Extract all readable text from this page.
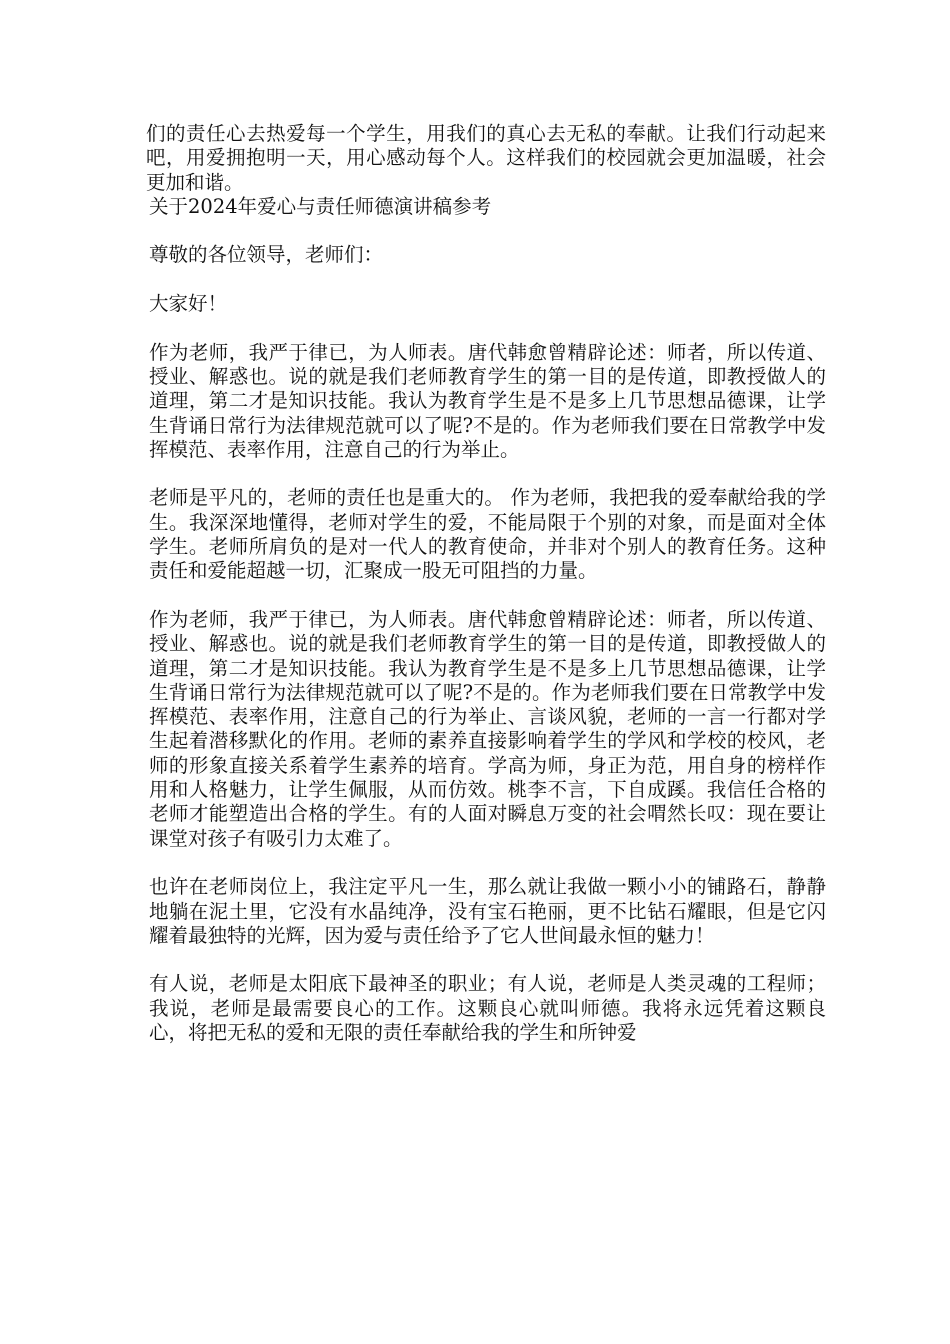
们的责任心去热爱每一个学生，用我们的真心去无私的奉献。让我们行动起来吧，用爱拥抱明一天，用心感动每个人。这样我们的校园就会更加温暖，社会更加和谐。

关于2024年爱心与责任师德演讲稿参考

尊敬的各位领导，老师们：

大家好！

作为老师，我严于律已，为人师表。唐代韩愈曾精辟论述：师者，所以传道、授业、解惑也。说的就是我们老师教育学生的第一目的是传道，即教授做人的道理，第二才是知识技能。我认为教育学生是不是多上几节思想品德课，让学生背诵日常行为法律规范就可以了呢?不是的。作为老师我们要在日常教学中发挥模范、表率作用，注意自己的行为举止。

老师是平凡的，老师的责任也是重大的。 作为老师，我把我的爱奉献给我的学生。我深深地懂得，老师对学生的爱，不能局限于个别的对象，而是面对全体学生。老师所肩负的是对一代人的教育使命，并非对个别人的教育任务。这种责任和爱能超越一切，汇聚成一股无可阻挡的力量。

作为老师，我严于律已，为人师表。唐代韩愈曾精辟论述：师者，所以传道、授业、解惑也。说的就是我们老师教育学生的第一目的是传道，即教授做人的道理，第二才是知识技能。我认为教育学生是不是多上几节思想品德课，让学生背诵日常行为法律规范就可以了呢?不是的。作为老师我们要在日常教学中发挥模范、表率作用，注意自己的行为举止、言谈风貌，老师的一言一行都对学生起着潜移默化的作用。老师的素养直接影响着学生的学风和学校的校风，老师的形象直接关系着学生素养的培育。学高为师，身正为范，用自身的榜样作用和人格魅力，让学生佩服，从而仿效。桃李不言，下自成蹊。我信任合格的老师才能塑造出合格的学生。有的人面对瞬息万变的社会喟然长叹：现在要让课堂对孩子有吸引力太难了。

也许在老师岗位上，我注定平凡一生，那么就让我做一颗小小的铺路石，静静地躺在泥土里，它没有水晶纯净，没有宝石艳丽，更不比钻石耀眼，但是它闪耀着最独特的光辉，因为爱与责任给予了它人世间最永恒的魅力！

有人说，老师是太阳底下最神圣的职业；有人说，老师是人类灵魂的工程师；我说，老师是最需要良心的工作。这颗良心就叫师德。我将永远凭着这颗良心，将把无私的爱和无限的责任奉献给我的学生和所钟爱
